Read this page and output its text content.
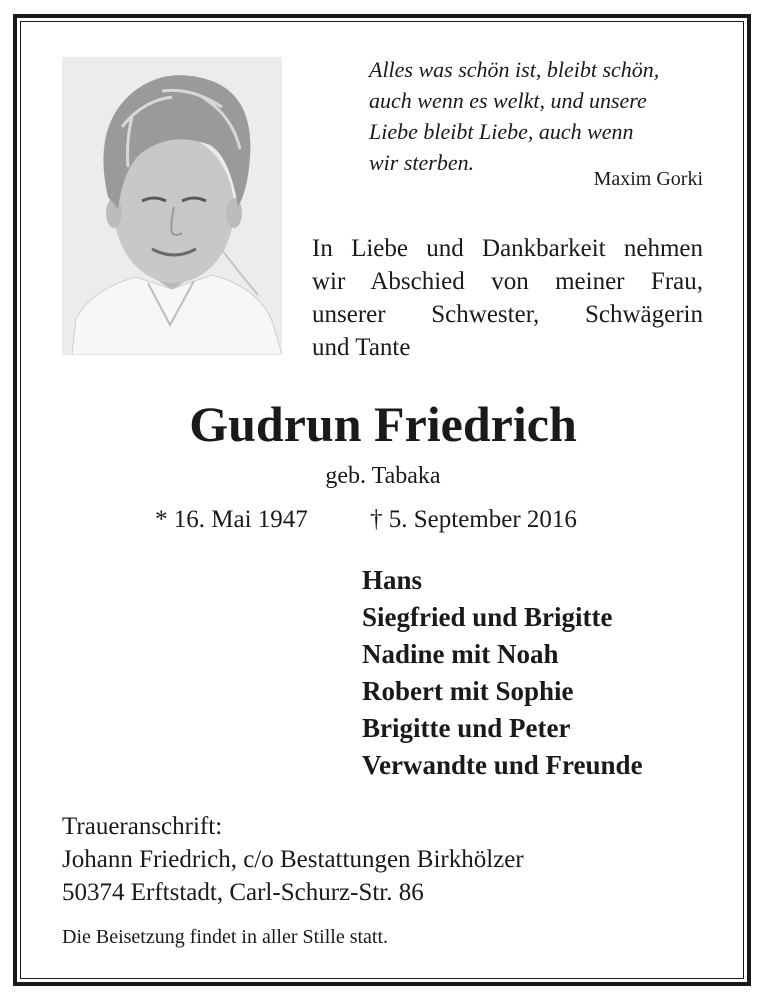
Alles was schön ist, bleibt schön,
auch wenn es welkt, und unsere
Liebe bleibt Liebe, auch wenn
wir sterben.
Maxim Gorki
In Liebe und Dankbarkeit nehmen
wir Abschied von meiner Frau,
unserer Schwester, Schwägerin
und Tante
Gudrun Friedrich
geb. Tabaka
* 16. Mai 1947 † 5. September 2016
Hans
Siegfried und Brigitte
Nadine mit Noah
Robert mit Sophie
Brigitte und Peter
Verwandte und Freunde
Traueranschrift:
Johann Friedrich, c/o Bestattungen Birkhölzer
50374 Erftstadt, Carl-Schurz-Str. 86
Die Beisetzung findet in aller Stille statt.
